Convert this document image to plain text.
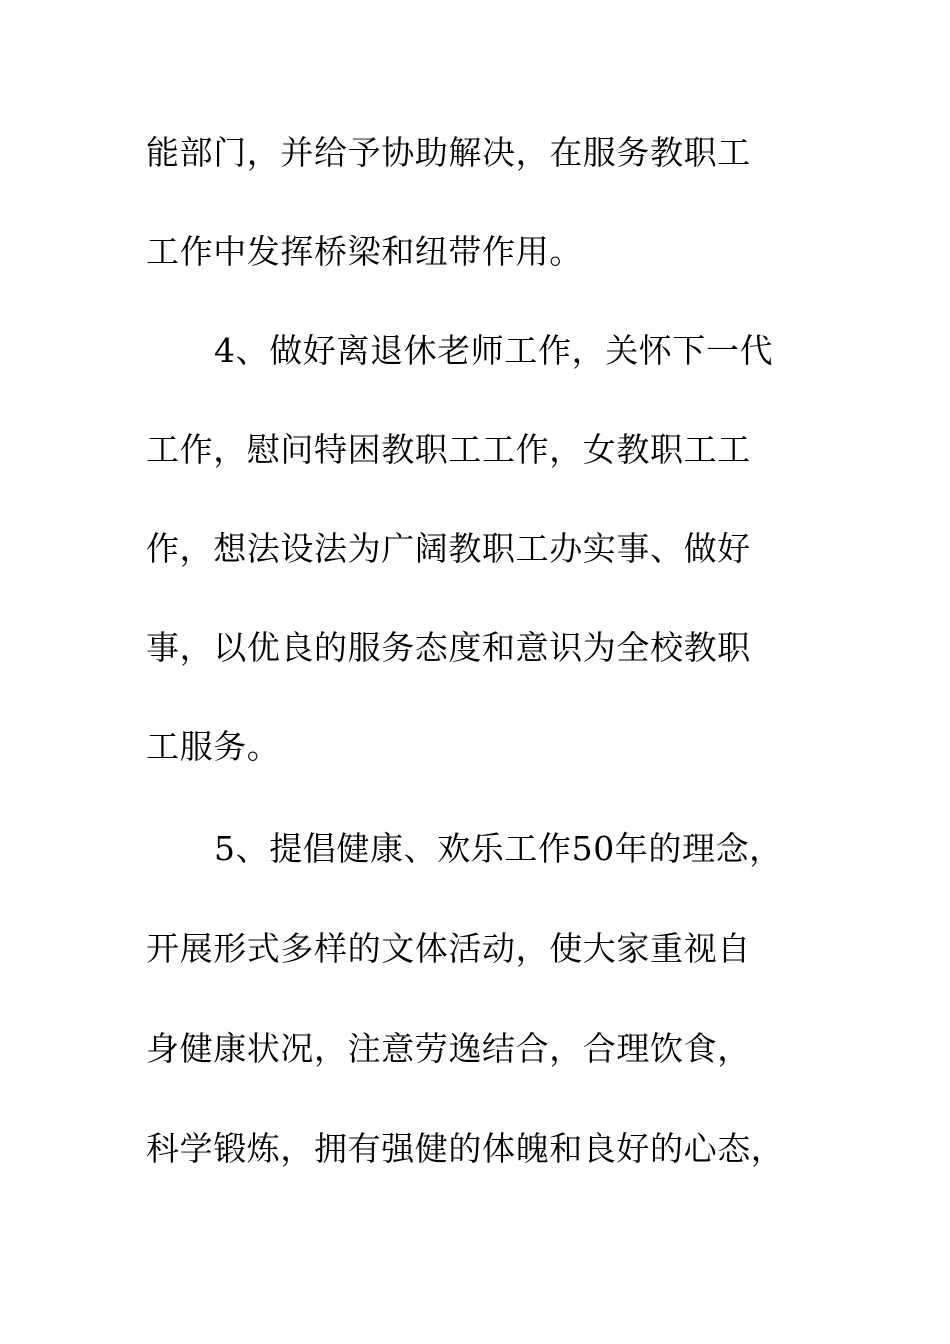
能部门，并给予协助解决，在服务教职工
工作中发挥桥梁和纽带作用。
4、做好离退休老师工作，关怀下一代
工作，慰问特困教职工工作，女教职工工
作，想法设法为广阔教职工办实事、做好
事，以优良的服务态度和意识为全校教职
工服务。
5、提倡健康、欢乐工作50年的理念，
开展形式多样的文体活动，使大家重视自
身健康状况，注意劳逸结合，合理饮食，
科学锻炼，拥有强健的体魄和良好的心态，
